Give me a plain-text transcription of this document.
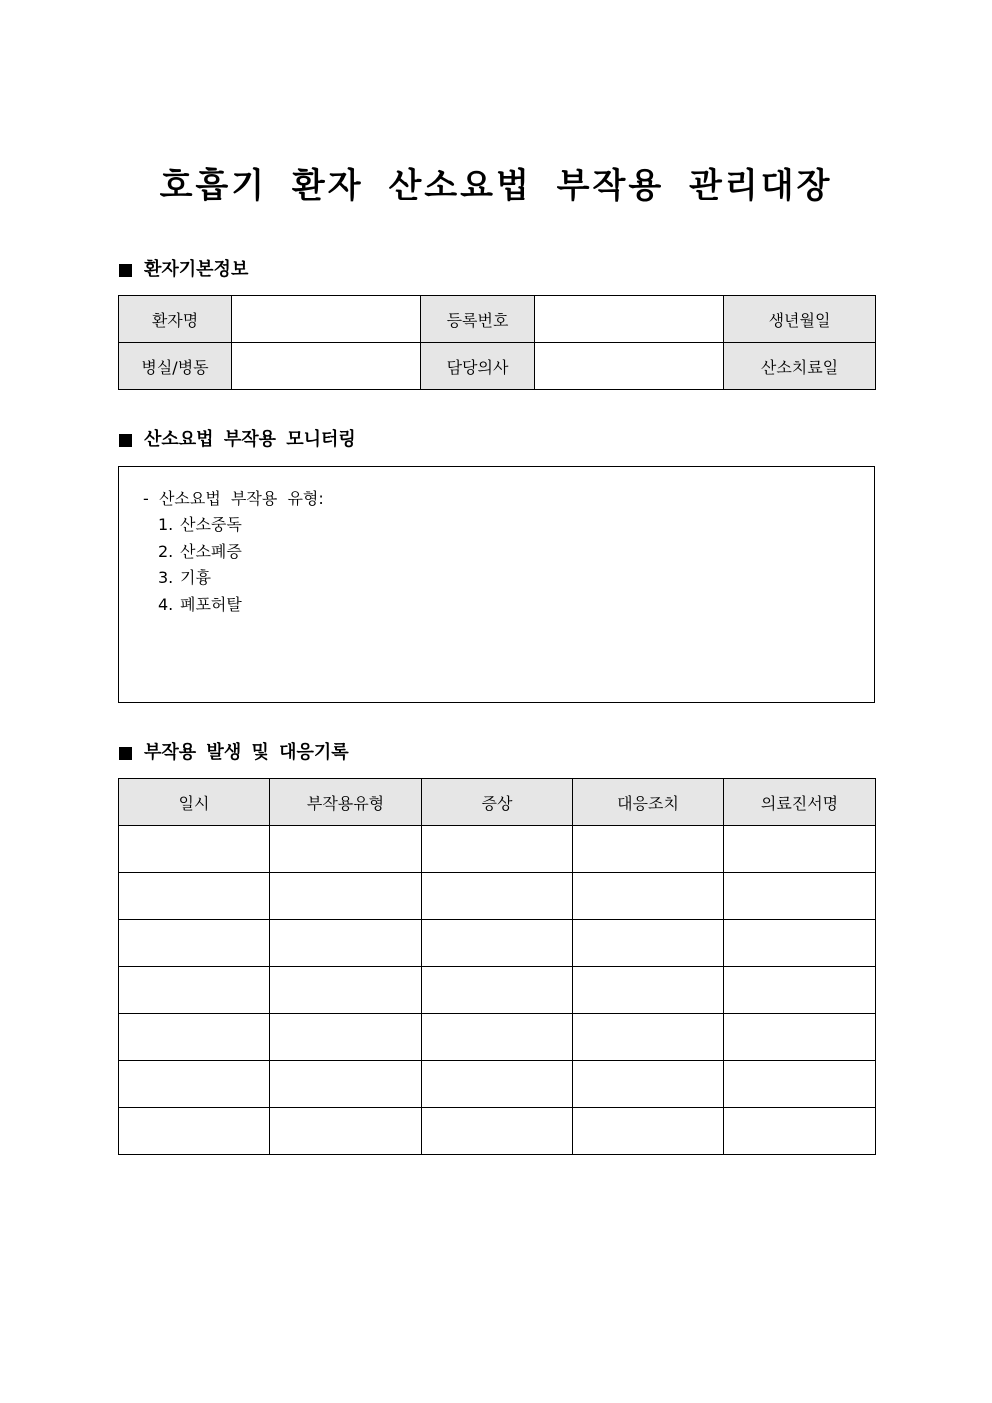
호흡기 환자 산소요법 부작용 관리대장
환자기본정보
환자명		등록번호		생년월일
병실/병동		담당의사		산소치료일
산소요법 부작용 모니터링
-  산소요법  부작용  유형:
1. 산소중독
2. 산소폐증
3. 기흉
4. 폐포허탈
부작용 발생 및 대응기록
일시	부작용유형	증상	대응조치	의료진서명
